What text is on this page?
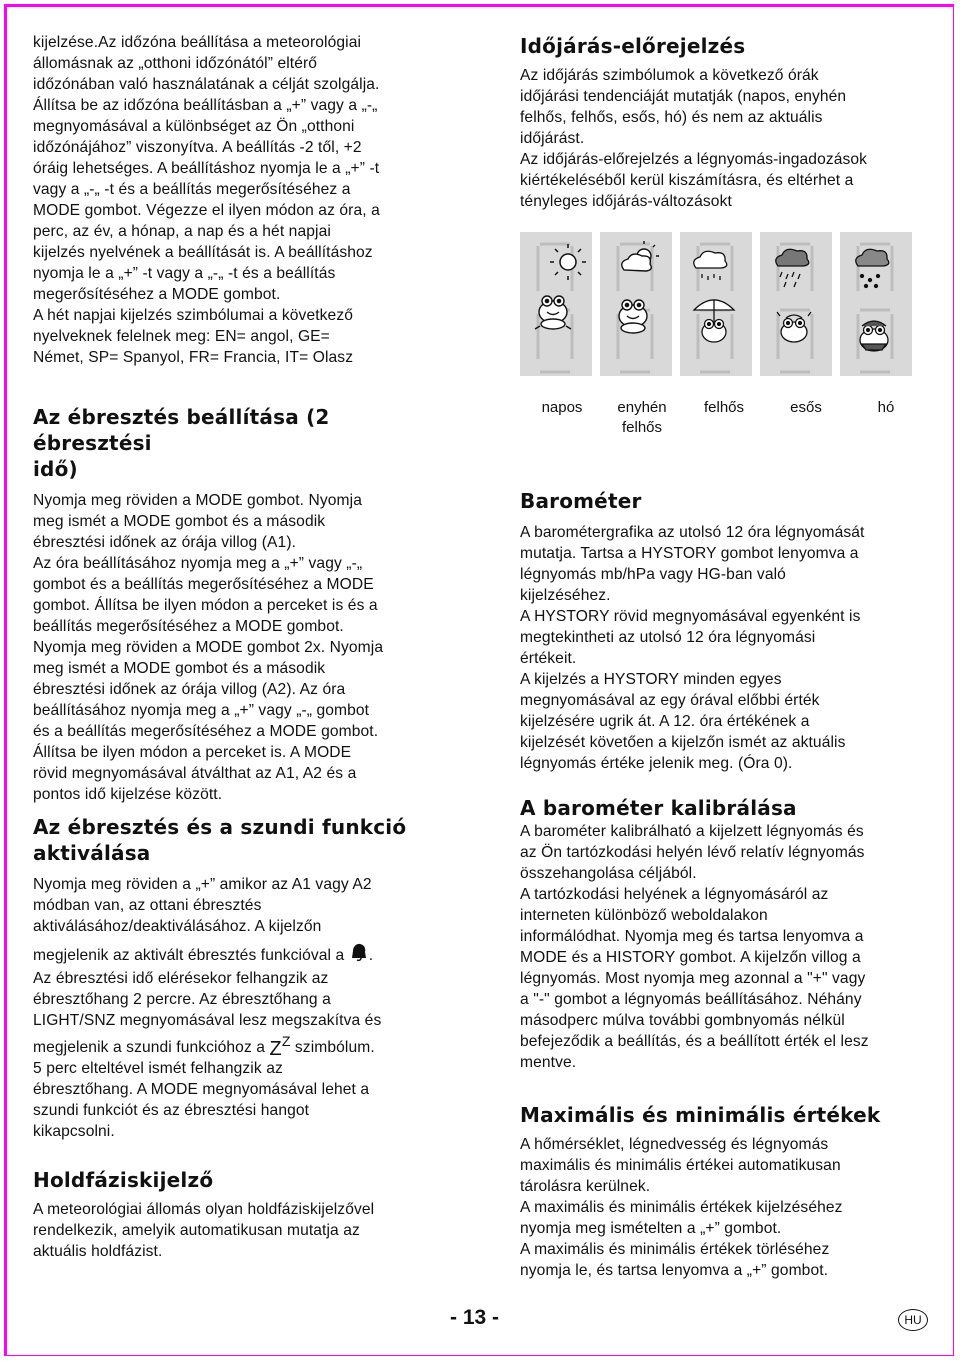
kijelzése.Az időzóna beállítása a meteorológiai

állomásnak az „otthoni időzónától” eltérő

időzónában való használatának a célját szolgálja.

Állítsa be az időzóna beállításban a „+” vagy a „-„

megnyomásával a különbséget az Ön „otthoni

időzónájához” viszonyítva. A beállítás -2 től, +2

óráig lehetséges. A beállításhoz nyomja le a „+” -t

vagy a „-„ -t és a beállítás megerősítéséhez a

MODE gombot. Végezze el ilyen módon az óra, a

perc, az év, a hónap, a nap és a hét napjai

kijelzés nyelvének a beállítását is. A beállításhoz

nyomja le a „+” -t vagy a „-„ -t és a beállítás

megerősítéséhez a MODE gombot.

A hét napjai kijelzés szimbólumai a következő

nyelveknek felelnek meg: EN= angol, GE=

Német, SP= Spanyol, FR= Francia, IT= Olasz

Az ébresztés beállítása (2 ébresztési
idő)

Nyomja meg röviden a MODE gombot. Nyomja

meg ismét a MODE gombot és a második

ébresztési időnek az órája villog (A1).

Az óra beállításához nyomja meg a „+” vagy „-„

gombot és a beállítás megerősítéséhez a MODE

gombot. Állítsa be ilyen módon a perceket is és a

beállítás megerősítéséhez a MODE gombot.

Nyomja meg röviden a MODE gombot 2x. Nyomja

meg ismét a MODE gombot és a második

ébresztési időnek az órája villog (A2). Az óra

beállításához nyomja meg a „+” vagy „-„ gombot

és a beállítás megerősítéséhez a MODE gombot.

Állítsa be ilyen módon a perceket is. A MODE

rövid megnyomásával átválthat az A1, A2 és a

pontos idő kijelzése között.

Az ébresztés és a szundi funkció
aktiválása

Nyomja meg röviden a „+” amikor az A1 vagy A2

módban van, az ottani ébresztés

aktiválásához/deaktiválásához. A kijelzőn

megjelenik az aktivált ébresztés funkcióval a .

Az ébresztési idő elérésekor felhangzik az

ébresztőhang 2 percre. Az ébresztőhang a

LIGHT/SNZ megnyomásával lesz megszakítva és

megjelenik a szundi funkcióhoz a ZZ szimbólum.

5 perc elteltével ismét felhangzik az

ébresztőhang. A MODE megnyomásával lehet a

szundi funkciót és az ébresztési hangot

kikapcsolni.

Holdfáziskijelző

A meteorológiai állomás olyan holdfáziskijelzővel

rendelkezik, amelyik automatikusan mutatja az

aktuális holdfázist.

Időjárás-előrejelzés

Az időjárás szimbólumok a következő órák

időjárási tendenciáját mutatják (napos, enyhén

felhős, felhős, esős, hó) és nem az aktuális

időjárást.

Az időjárás-előrejelzés a légnyomás-ingadozások

kiértékeléséből kerül kiszámításra, és eltérhet a

tényleges időjárás-változásokt

napos	enyhén
felhős
felhős	esős	hó
Barométer

A barométergrafika az utolsó 12 óra légnyomását

mutatja. Tartsa a HYSTORY gombot lenyomva a

légnyomás mb/hPa vagy HG-ban való

kijelzéséhez.

A HYSTORY rövid megnyomásával egyenként is

megtekintheti az utolsó 12 óra légnyomási

értékeit.

A kijelzés a HYSTORY minden egyes

megnyomásával az egy órával előbbi érték

kijelzésére ugrik át. A 12. óra értékének a

kijelzését követően a kijelzőn ismét az aktuális

légnyomás értéke jelenik meg. (Óra 0).

A barométer kalibrálása

A barométer kalibrálható a kijelzett légnyomás és

az Ön tartózkodási helyén lévő relatív légnyomás

összehangolása céljából.

A tartózkodási helyének a légnyomásáról az

interneten különböző weboldalakon

informálódhat. Nyomja meg és tartsa lenyomva a

MODE és a HISTORY gombot. A kijelzőn villog a

légnyomás. Most nyomja meg azonnal a "+" vagy

a "-" gombot a légnyomás beállításához. Néhány

másodperc múlva további gombnyomás nélkül

befejeződik a beállítás, és a beállított érték el lesz

mentve.

Maximális és minimális értékek

A hőmérséklet, légnedvesség és légnyomás

maximális és minimális értékei automatikusan

tárolásra kerülnek.

A maximális és minimális értékek kijelzéséhez

nyomja meg ismételten a „+” gombot.

A maximális és minimális értékek törléséhez

nyomja le, és tartsa lenyomva a „+” gombot.

- 13 -	HU
